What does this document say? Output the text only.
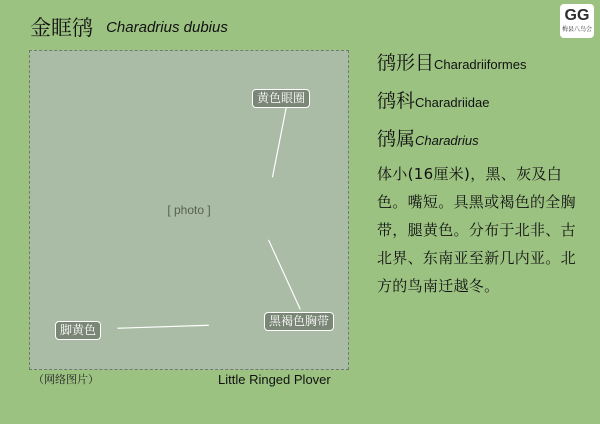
金眶鸻 Charadrius dubius
GG
梅县八鸟会
[ photo ]
黄色眼圈
脚黄色
黑褐色胸带
（网络图片）	Little Ringed Plover
鸻形目Charadriiformes
鸻科Charadriidae
鸻属Charadrius
体小(16厘米)，黑、灰及白色。嘴短。具黑或褐色的全胸带，腿黄色。分布于北非、古北界、东南亚至新几内亚。北方的鸟南迁越冬。
